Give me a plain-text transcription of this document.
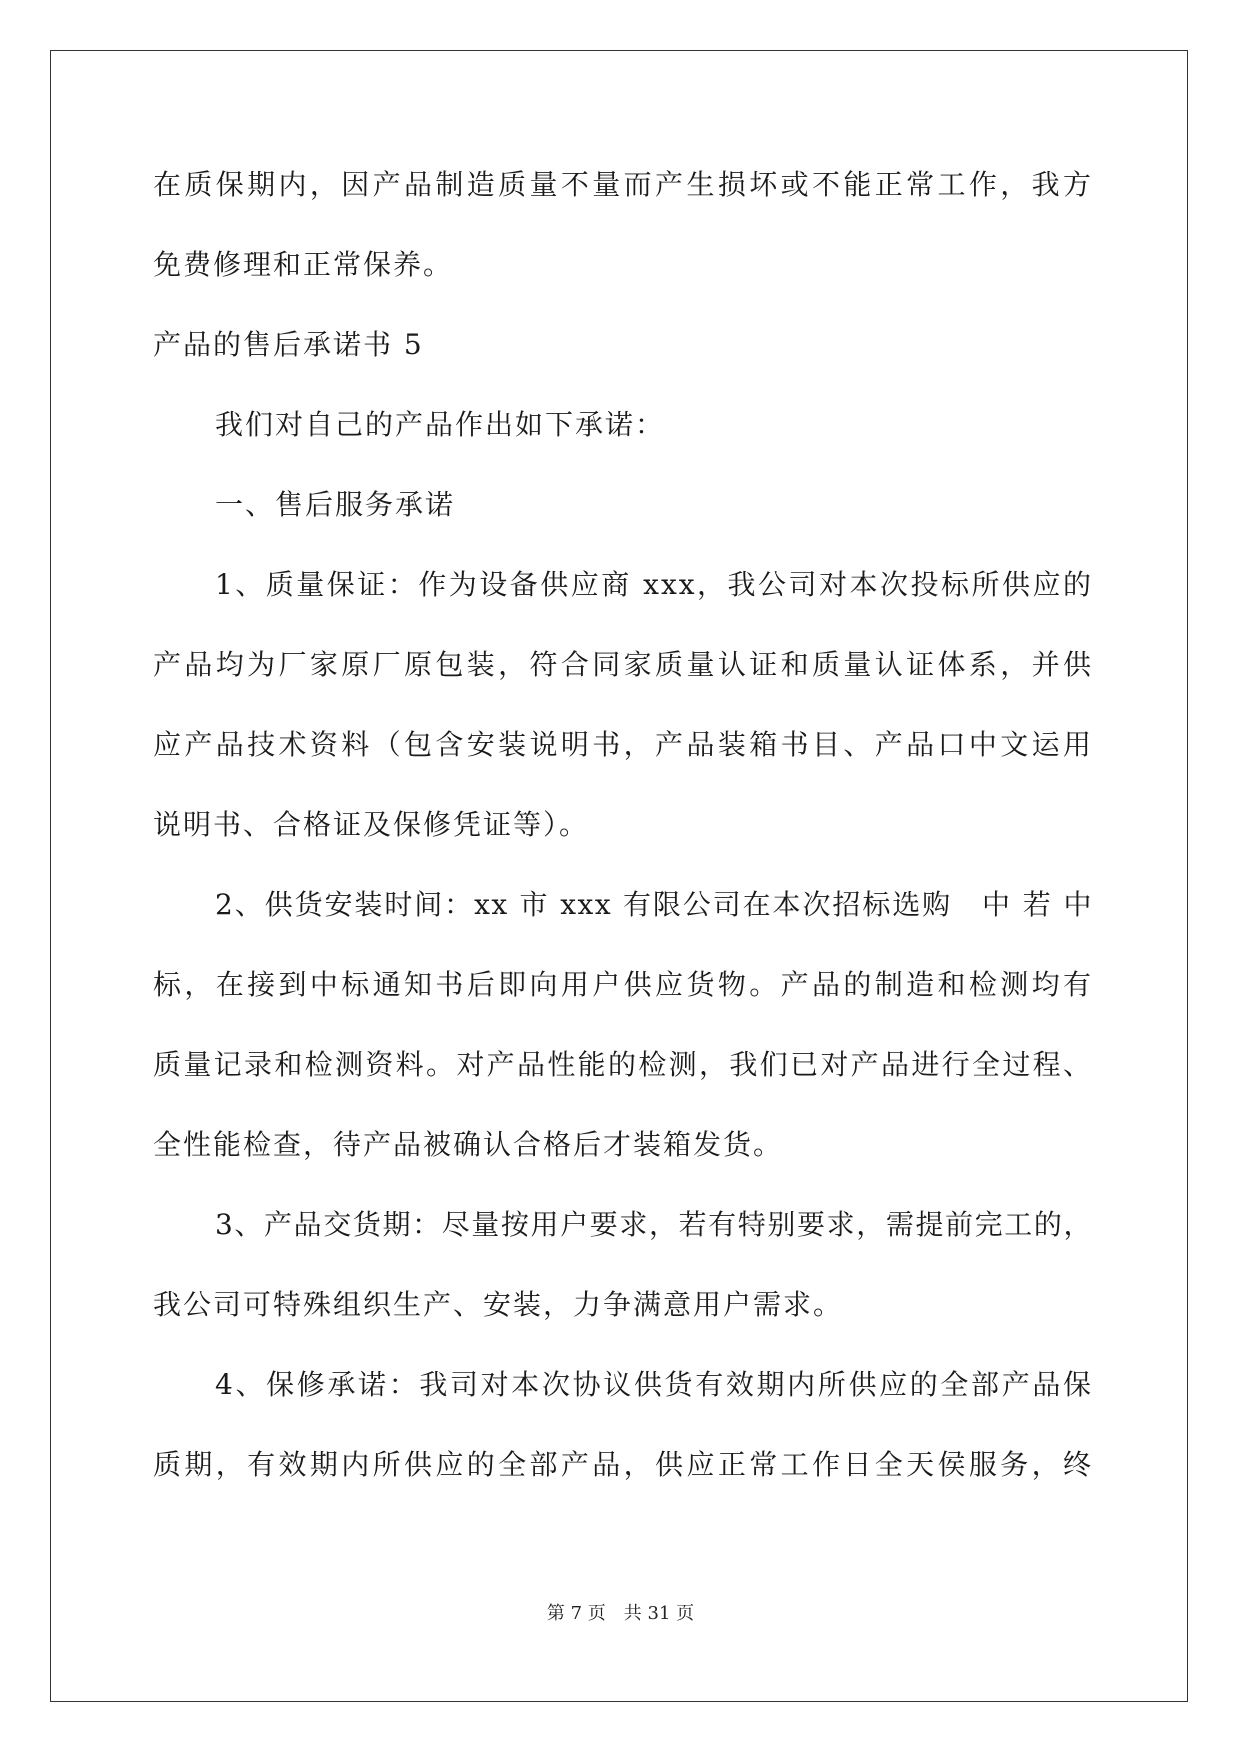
在质保期内，因产品制造质量不量而产生损坏或不能正常工作，我方
免费修理和正常保养。
产品的售后承诺书 5
我们对自己的产品作出如下承诺：
一、售后服务承诺
1、质量保证：作为设备供应商 xxx，我公司对本次投标所供应的
产品均为厂家原厂原包装，符合同家质量认证和质量认证体系，并供
应产品技术资料（包含安装说明书，产品装箱书目、产品口中文运用
说明书、合格证及保修凭证等）。
2、供货安装时间：xx 市 xxx 有限公司在本次招标选购　中 若 中
标，在接到中标通知书后即向用户供应货物。产品的制造和检测均有
质量记录和检测资料。对产品性能的检测，我们已对产品进行全过程、
全性能检查，待产品被确认合格后才装箱发货。
3、产品交货期：尽量按用户要求，若有特别要求，需提前完工的，
我公司可特殊组织生产、安装，力争满意用户需求。
4、保修承诺：我司对本次协议供货有效期内所供应的全部产品保
质期，有效期内所供应的全部产品，供应正常工作日全天侯服务，终
第 7 页 共 31 页
